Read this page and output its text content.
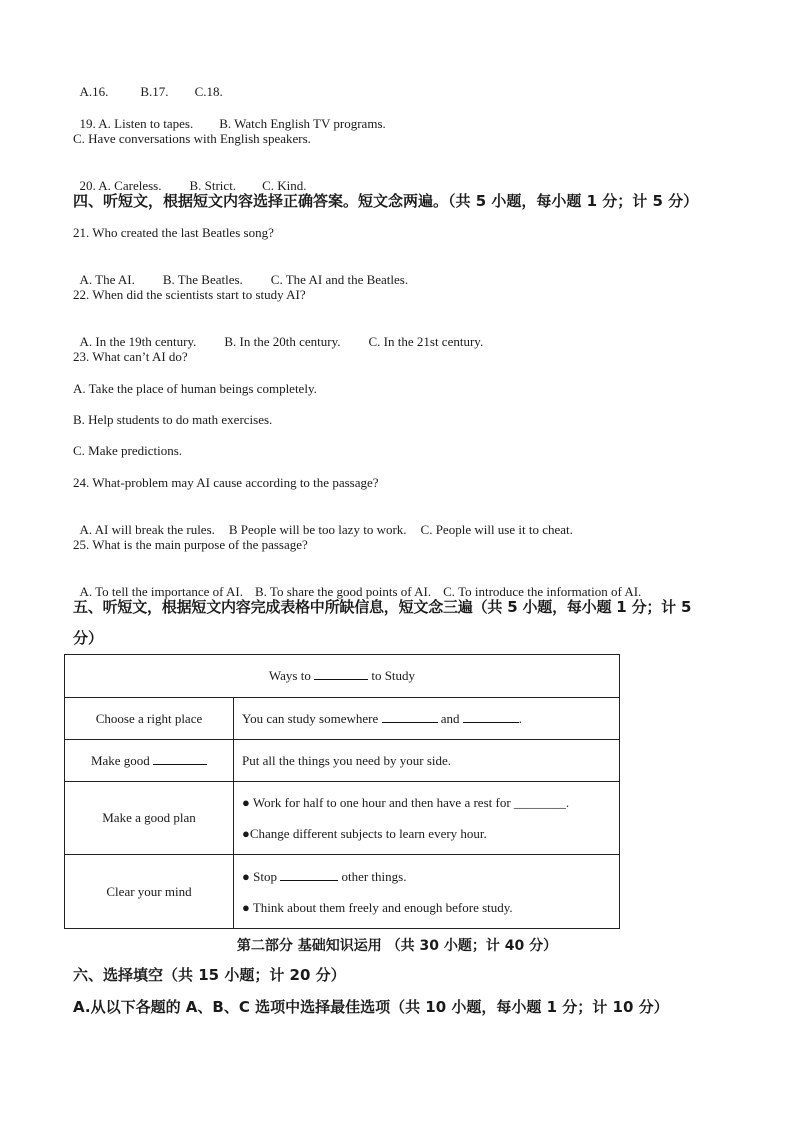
A.16. B.17. C.18.

19. A. Listen to tapes. B. Watch English TV programs.

C. Have conversations with English speakers.

20. A. Careless. B. Strict. C. Kind.

四、听短文，根据短文内容选择正确答案。短文念两遍。（共 5 小题，每小题 1 分；计 5 分）
21. Who created the last Beatles song?

A. The AI. B. The Beatles. C. The AI and the Beatles.

22. When did the scientists start to study AI?

A. In the 19th century. B. In the 20th century. C. In the 21st century.

23. What can’t AI do?
A. Take the place of human beings completely.
B. Help students to do math exercises.
C. Make predictions.
24. What-problem may AI cause according to the passage?

A. AI will break the rules. B People will be too lazy to work. C. People will use it to cheat.

25. What is the main purpose of the passage?

A. To tell the importance of AI. B. To share the good points of AI. C. To introduce the information of AI.

五、听短文，根据短文内容完成表格中所缺信息，短文念三遍（共 5 小题，每小题 1 分；计 5
分）
Ways to to Study	
Choose a right place	You can study somewhere and .
Make good	Put all the things you need by your side.
Make a good plan	● Work for half to one hour and then have a rest for ________.
●Change different subjects to learn every hour.

Clear your mind	● Stop other things.
● Think about them freely and enough before study.
第二部分 基础知识运用 （共 30 小题；计 40 分）
六、选择填空（共 15 小题；计 20 分）
A.从以下各题的 A、B、C 选项中选择最佳选项（共 10 小题，每小题 1 分；计 10 分）
